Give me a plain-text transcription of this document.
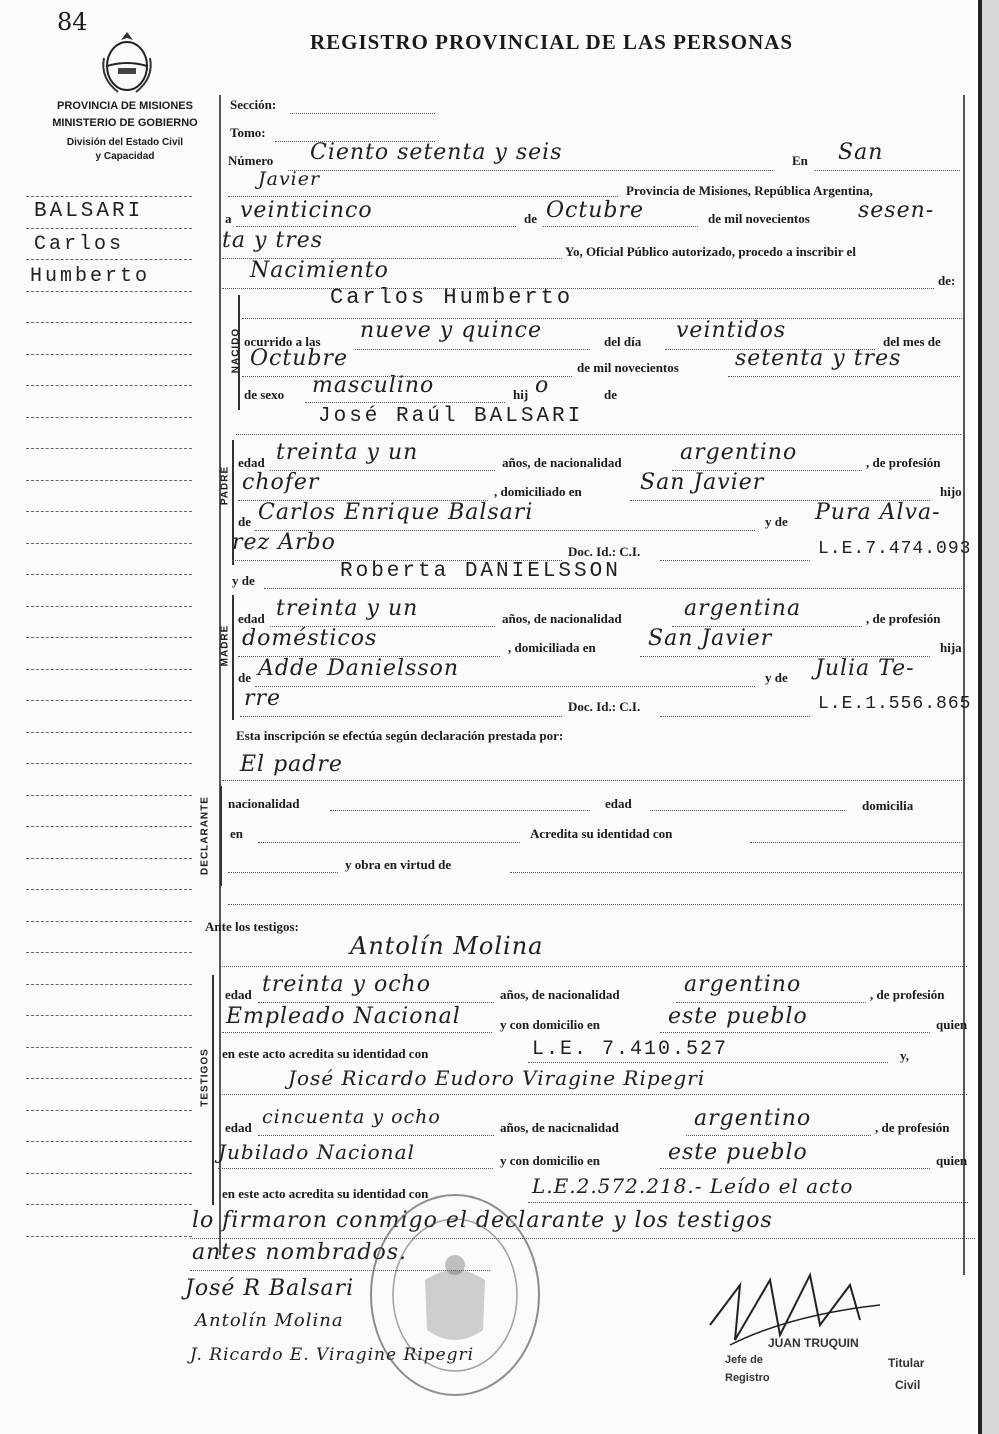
84
REGISTRO PROVINCIAL DE LAS PERSONAS
PROVINCIA DE MISIONES
MINISTERIO DE GOBIERNO
División del Estado Civil
y Capacidad
BALSARI
Carlos
Humberto
Sección:
Tomo:
Número Ciento setenta y seis	En San
Javier
Provincia de Misiones, República Argentina,
a veinticinco	de Octubre	de mil novecientos sesen-
ta y tres	Yo, Oficial Público autorizado, procedo a inscribir el
Nacimiento	de:
NACIDO
Carlos Humberto
ocurrido a las nueve y quince	del día veintidos	del mes de
Octubre	de mil novecientos	setenta y tres
de sexo masculino	hij o	de
José Raúl BALSARI
PADRE
edad treinta y un	años, de nacionalidad	argentino	, de profesión
chofer	, domiciliado en	San Javier	hijo
de Carlos Enrique Balsari	y de Pura Alva-
rez Arbo	Doc. Id.: C.I.	L.E.7.474.093
y de	Roberta DANIELSSON
MADRE
edad treinta y un	años, de nacionalidad	argentina	, de profesión
domésticos	, domiciliada en San Javier	hija
de Adde Danielsson	y de Julia Te-
rre	Doc. Id.: C.I.	L.E.1.556.865
Esta inscripción se efectúa según declaración prestada por:
El padre
DECLARANTE nacionalidad	edad	domicilia
en	Acredita su identidad con
y obra en virtud de
Ante los testigos:
Antolín Molina
TESTIGOS
edad treinta y ocho	años, de nacionalidad	argentino	, de profesión
Empleado Nacional	y con domicilio en	este pueblo	quien
en este acto acredita su identidad con	L.E. 7.410.527	y,
José Ricardo Eudoro Viragine Ripegri
edad cincuenta y ocho	años, de nacicnalidad	argentino	, de profesión
Jubilado Nacional	y con domicilio en	este pueblo	quien
en este acto acredita su identidad con	L.E.2.572.218.- Leído el acto
lo firmaron conmigo el declarante y los testigos
antes nombrados.
José R Balsari
Antolín Molina
J. Ricardo E. Viragine Ripegri
JUAN TRUQUIN
Jefe de
Registro
Titular
Civil
